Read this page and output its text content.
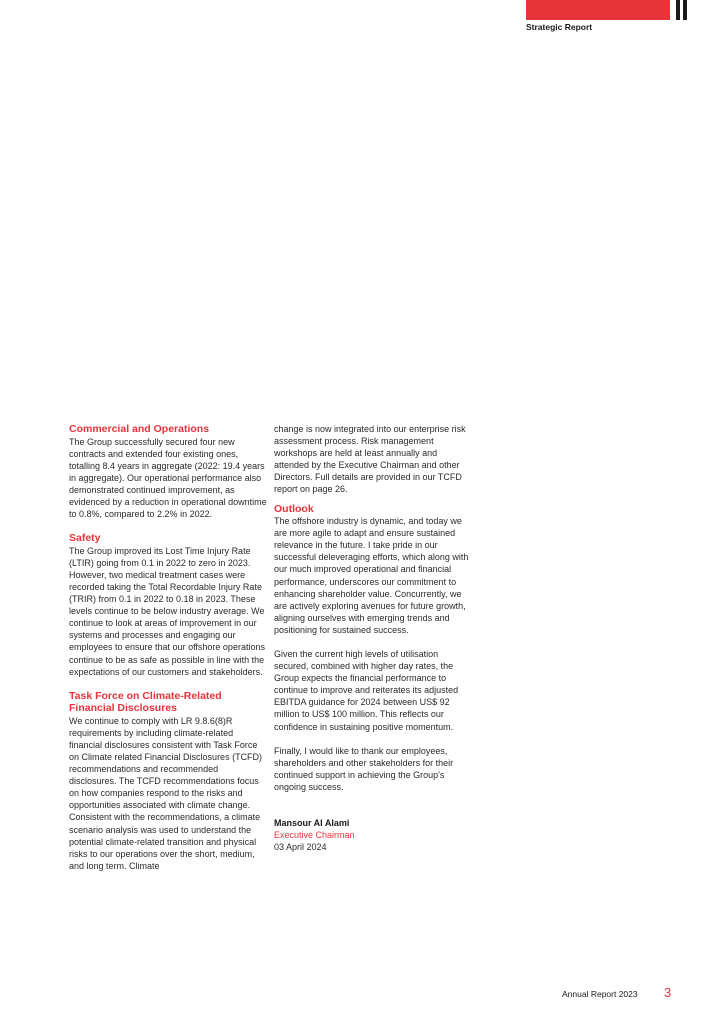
Strategic Report
Commercial and Operations

The Group successfully secured four new contracts and extended four existing ones, totalling 8.4 years in aggregate (2022: 19.4 years in aggregate). Our operational performance also demonstrated continued improvement, as evidenced by a reduction in operational downtime to 0.8%, compared to 2.2% in 2022.

Safety

The Group improved its Lost Time Injury Rate (LTIR) going from 0.1 in 2022 to zero in 2023. However, two medical treatment cases were recorded taking the Total Recordable Injury Rate (TRIR) from 0.1 in 2022 to 0.18 in 2023. These levels continue to be below industry average. We continue to look at areas of improvement in our systems and processes and engaging our employees to ensure that our offshore operations continue to be as safe as possible in line with the expectations of our customers and stakeholders.

Task Force on Climate-Related Financial Disclosures

We continue to comply with LR 9.8.6(8)R requirements by including climate-related financial disclosures consistent with Task Force on Climate related Financial Disclosures (TCFD) recommendations and recommended disclosures. The TCFD recommendations focus on how companies respond to the risks and opportunities associated with climate change. Consistent with the recommendations, a climate scenario analysis was used to understand the potential climate-related transition and physical risks to our operations over the short, medium, and long term. Climate

change is now integrated into our enterprise risk assessment process. Risk management workshops are held at least annually and attended by the Executive Chairman and other Directors. Full details are provided in our TCFD report on page 26.

Outlook

The offshore industry is dynamic, and today we are more agile to adapt and ensure sustained relevance in the future. I take pride in our successful deleveraging efforts, which along with our much improved operational and financial performance, underscores our commitment to enhancing shareholder value. Concurrently, we are actively exploring avenues for future growth, aligning ourselves with emerging trends and positioning for sustained success.

Given the current high levels of utilisation secured, combined with higher day rates, the Group expects the financial performance to continue to improve and reiterates its adjusted EBITDA guidance for 2024 between US$ 92 million to US$ 100 million. This reflects our confidence in sustaining positive momentum.

Finally, I would like to thank our employees, shareholders and other stakeholders for their continued support in achieving the Group's ongoing success.

Mansour Al Alami

Executive Chairman

03 April 2024

Annual Report 2023 3
